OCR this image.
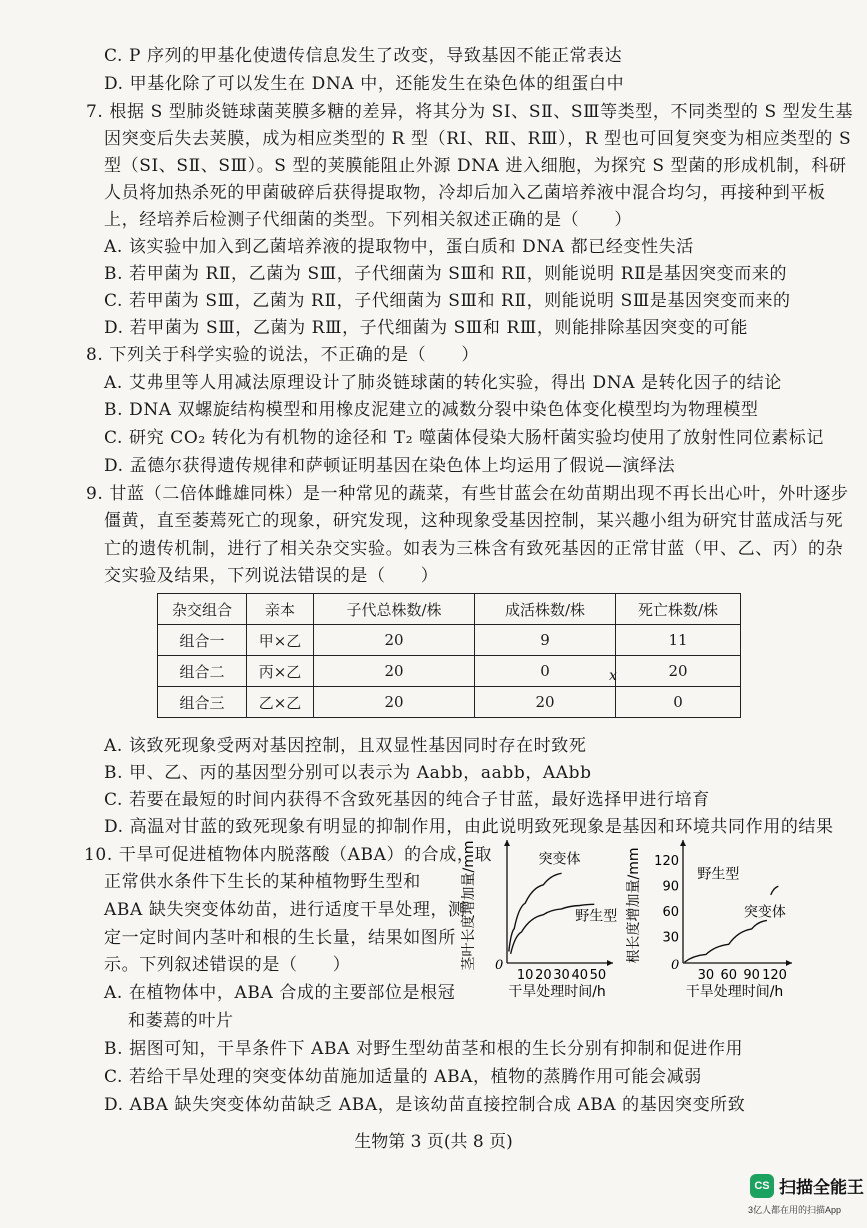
C. P 序列的甲基化使遗传信息发生了改变，导致基因不能正常表达
D. 甲基化除了可以发生在 DNA 中，还能发生在染色体的组蛋白中
7. 根据 S 型肺炎链球菌荚膜多糖的差异，将其分为 SⅠ、SⅡ、SⅢ等类型，不同类型的 S 型发生基
因突变后失去荚膜，成为相应类型的 R 型（RⅠ、RⅡ、RⅢ），R 型也可回复突变为相应类型的 S
型（SⅠ、SⅡ、SⅢ）。S 型的荚膜能阻止外源 DNA 进入细胞，为探究 S 型菌的形成机制，科研
人员将加热杀死的甲菌破碎后获得提取物，冷却后加入乙菌培养液中混合均匀，再接种到平板
上，经培养后检测子代细菌的类型。下列相关叙述正确的是（　　）
A. 该实验中加入到乙菌培养液的提取物中，蛋白质和 DNA 都已经变性失活
B. 若甲菌为 RⅡ，乙菌为 SⅢ，子代细菌为 SⅢ和 RⅡ，则能说明 RⅡ是基因突变而来的
C. 若甲菌为 SⅢ，乙菌为 RⅡ，子代细菌为 SⅢ和 RⅡ，则能说明 SⅢ是基因突变而来的
D. 若甲菌为 SⅢ，乙菌为 RⅢ，子代细菌为 SⅢ和 RⅢ，则能排除基因突变的可能
8. 下列关于科学实验的说法，不正确的是（　　）
A. 艾弗里等人用减法原理设计了肺炎链球菌的转化实验，得出 DNA 是转化因子的结论
B. DNA 双螺旋结构模型和用橡皮泥建立的减数分裂中染色体变化模型均为物理模型
C. 研究 CO₂ 转化为有机物的途径和 T₂ 噬菌体侵染大肠杆菌实验均使用了放射性同位素标记
D. 孟德尔获得遗传规律和萨顿证明基因在染色体上均运用了假说—演绎法
9. 甘蓝（二倍体雌雄同株）是一种常见的蔬菜，有些甘蓝会在幼苗期出现不再长出心叶，外叶逐步
僵黄，直至萎蔫死亡的现象，研究发现，这种现象受基因控制，某兴趣小组为研究甘蓝成活与死
亡的遗传机制，进行了相关杂交实验。如表为三株含有致死基因的正常甘蓝（甲、乙、丙）的杂
交实验及结果，下列说法错误的是（　　）
杂交组合	亲本	子代总株数/株	成活株数/株	死亡株数/株
组合一	甲×乙	20	9	11
组合二	丙×乙	20	0	20
组合三	乙×乙	20	20	0
x
A. 该致死现象受两对基因控制，且双显性基因同时存在时致死
B. 甲、乙、丙的基因型分别可以表示为 Aabb，aabb，AAbb
C. 若要在最短的时间内获得不含致死基因的纯合子甘蓝，最好选择甲进行培育
D. 高温对甘蓝的致死现象有明显的抑制作用，由此说明致死现象是基因和环境共同作用的结果
10. 干旱可促进植物体内脱落酸（ABA）的合成，取
正常供水条件下生长的某种植物野生型和
ABA 缺失突变体幼苗，进行适度干旱处理，测
定一定时间内茎叶和根的生长量，结果如图所
示。下列叙述错误的是（　　）
A. 在植物体中，ABA 合成的主要部位是根冠
和萎蔫的叶片
B. 据图可知，干旱条件下 ABA 对野生型幼苗茎和根的生长分别有抑制和促进作用
C. 若给干旱处理的突变体幼苗施加适量的 ABA，植物的蒸腾作用可能会减弱
D. ABA 缺失突变体幼苗缺乏 ABA，是该幼苗直接控制合成 ABA 的基因突变所致
0
10 20 30 40 50
干旱处理时间/h
茎叶长度增加量/mm	突变体
野生型
0
30 60 90 120
30
60
90
120
干旱处理时间/h
根长度增加量/mm	野生型
突变体
生物第 3 页(共 8 页)
CS 扫描全能王
3亿人都在用的扫描App
